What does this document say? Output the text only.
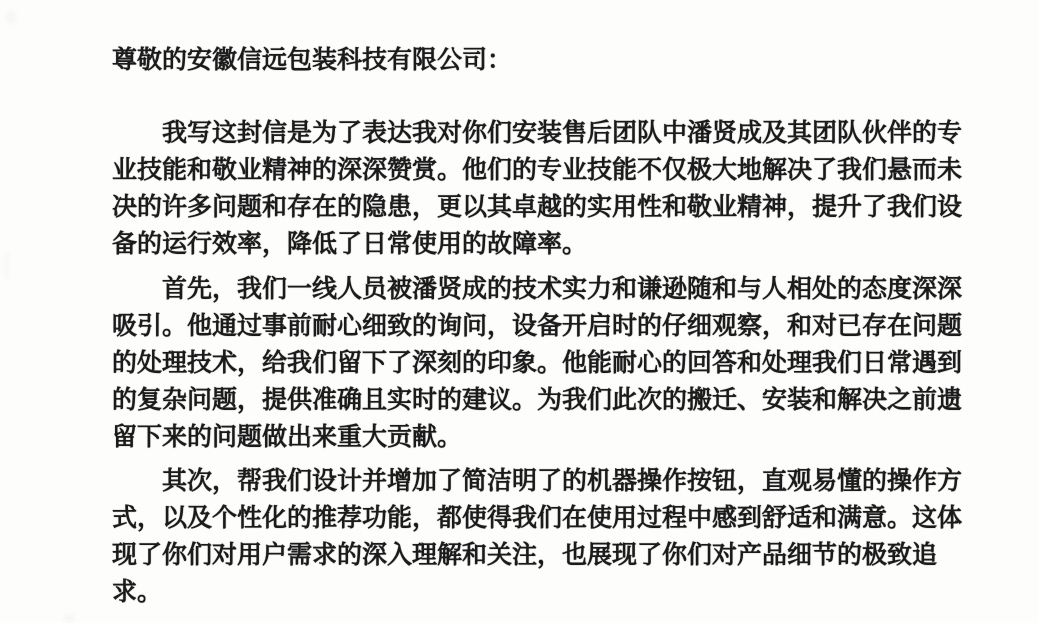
尊敬的安徽信远包装科技有限公司：
我写这封信是为了表达我对你们安装售后团队中潘贤成及其团队伙伴的专
业技能和敬业精神的深深赞赏。他们的专业技能不仅极大地解决了我们悬而未
决的许多问题和存在的隐患，更以其卓越的实用性和敬业精神，提升了我们设
备的运行效率，降低了日常使用的故障率。
首先，我们一线人员被潘贤成的技术实力和谦逊随和与人相处的态度深深
吸引。他通过事前耐心细致的询问，设备开启时的仔细观察，和对已存在问题
的处理技术，给我们留下了深刻的印象。他能耐心的回答和处理我们日常遇到
的复杂问题，提供准确且实时的建议。为我们此次的搬迁、安装和解决之前遗
留下来的问题做出来重大贡献。
其次，帮我们设计并增加了简洁明了的机器操作按钮，直观易懂的操作方
式，以及个性化的推荐功能，都使得我们在使用过程中感到舒适和满意。这体
现了你们对用户需求的深入理解和关注，也展现了你们对产品细节的极致追
求。
